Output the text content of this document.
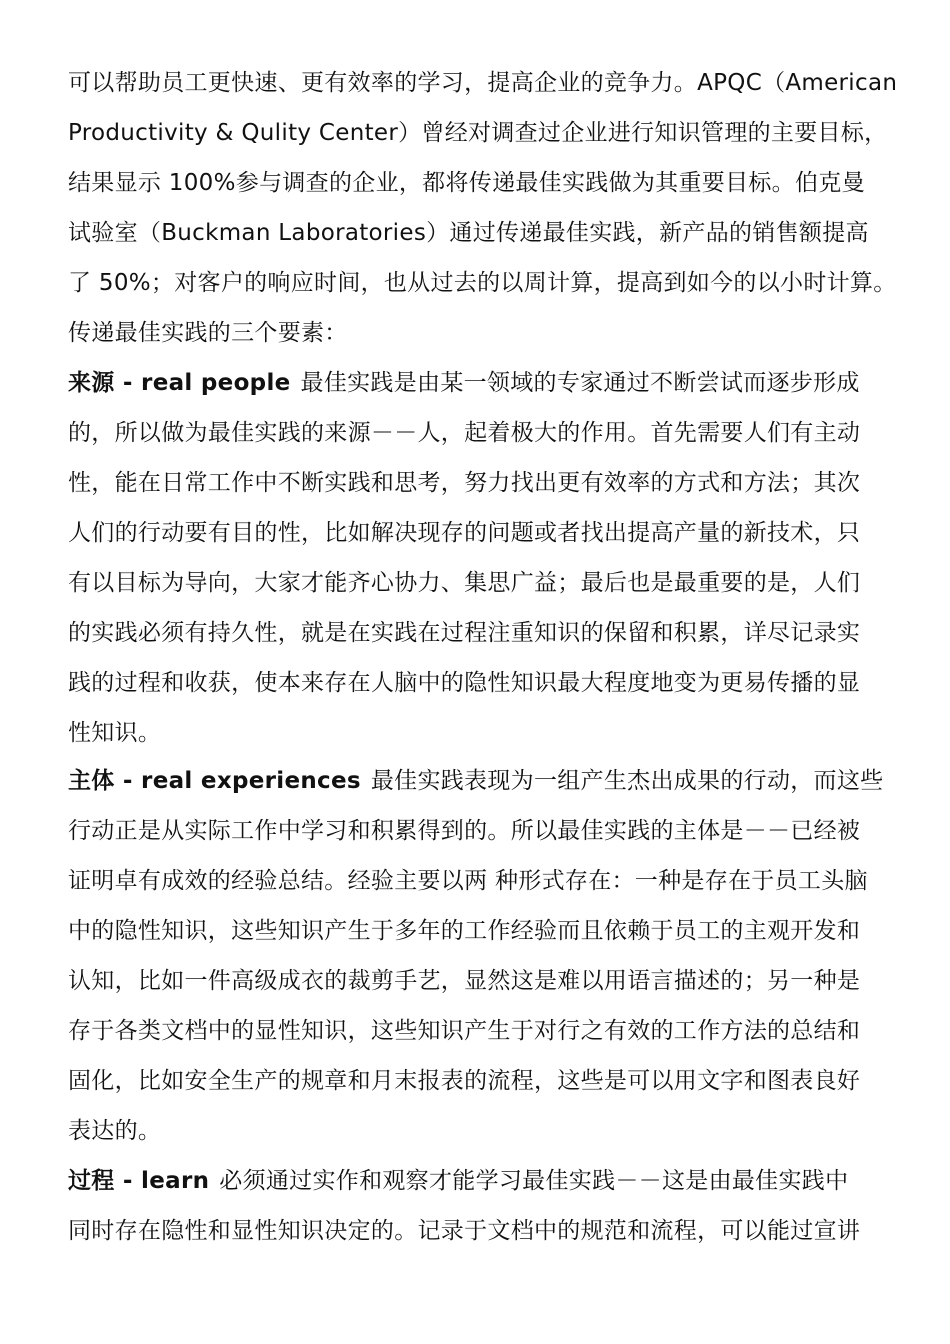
可以帮助员工更快速、更有效率的学习，提高企业的竞争力。APQC（American
Productivity & Qulity Center）曾经对调查过企业进行知识管理的主要目标，
结果显示 100%参与调查的企业，都将传递最佳实践做为其重要目标。伯克曼
试验室（Buckman Laboratories）通过传递最佳实践，新产品的销售额提高
了 50%；对客户的响应时间，也从过去的以周计算，提高到如今的以小时计算。
传递最佳实践的三个要素：
来源 - real people 最佳实践是由某一领域的专家通过不断尝试而逐步形成
的，所以做为最佳实践的来源－－人，起着极大的作用。首先需要人们有主动
性，能在日常工作中不断实践和思考，努力找出更有效率的方式和方法；其次
人们的行动要有目的性，比如解决现存的问题或者找出提高产量的新技术，只
有以目标为导向，大家才能齐心协力、集思广益；最后也是最重要的是，人们
的实践必须有持久性，就是在实践在过程注重知识的保留和积累，详尽记录实
践的过程和收获，使本来存在人脑中的隐性知识最大程度地变为更易传播的显
性知识。
主体 - real experiences 最佳实践表现为一组产生杰出成果的行动，而这些
行动正是从实际工作中学习和积累得到的。所以最佳实践的主体是－－已经被
证明卓有成效的经验总结。经验主要以两 种形式存在：一种是存在于员工头脑
中的隐性知识，这些知识产生于多年的工作经验而且依赖于员工的主观开发和
认知，比如一件高级成衣的裁剪手艺，显然这是难以用语言描述的；另一种是
存于各类文档中的显性知识，这些知识产生于对行之有效的工作方法的总结和
固化，比如安全生产的规章和月末报表的流程，这些是可以用文字和图表良好
表达的。
过程 - learn 必须通过实作和观察才能学习最佳实践－－这是由最佳实践中
同时存在隐性和显性知识决定的。记录于文档中的规范和流程，可以能过宣讲
